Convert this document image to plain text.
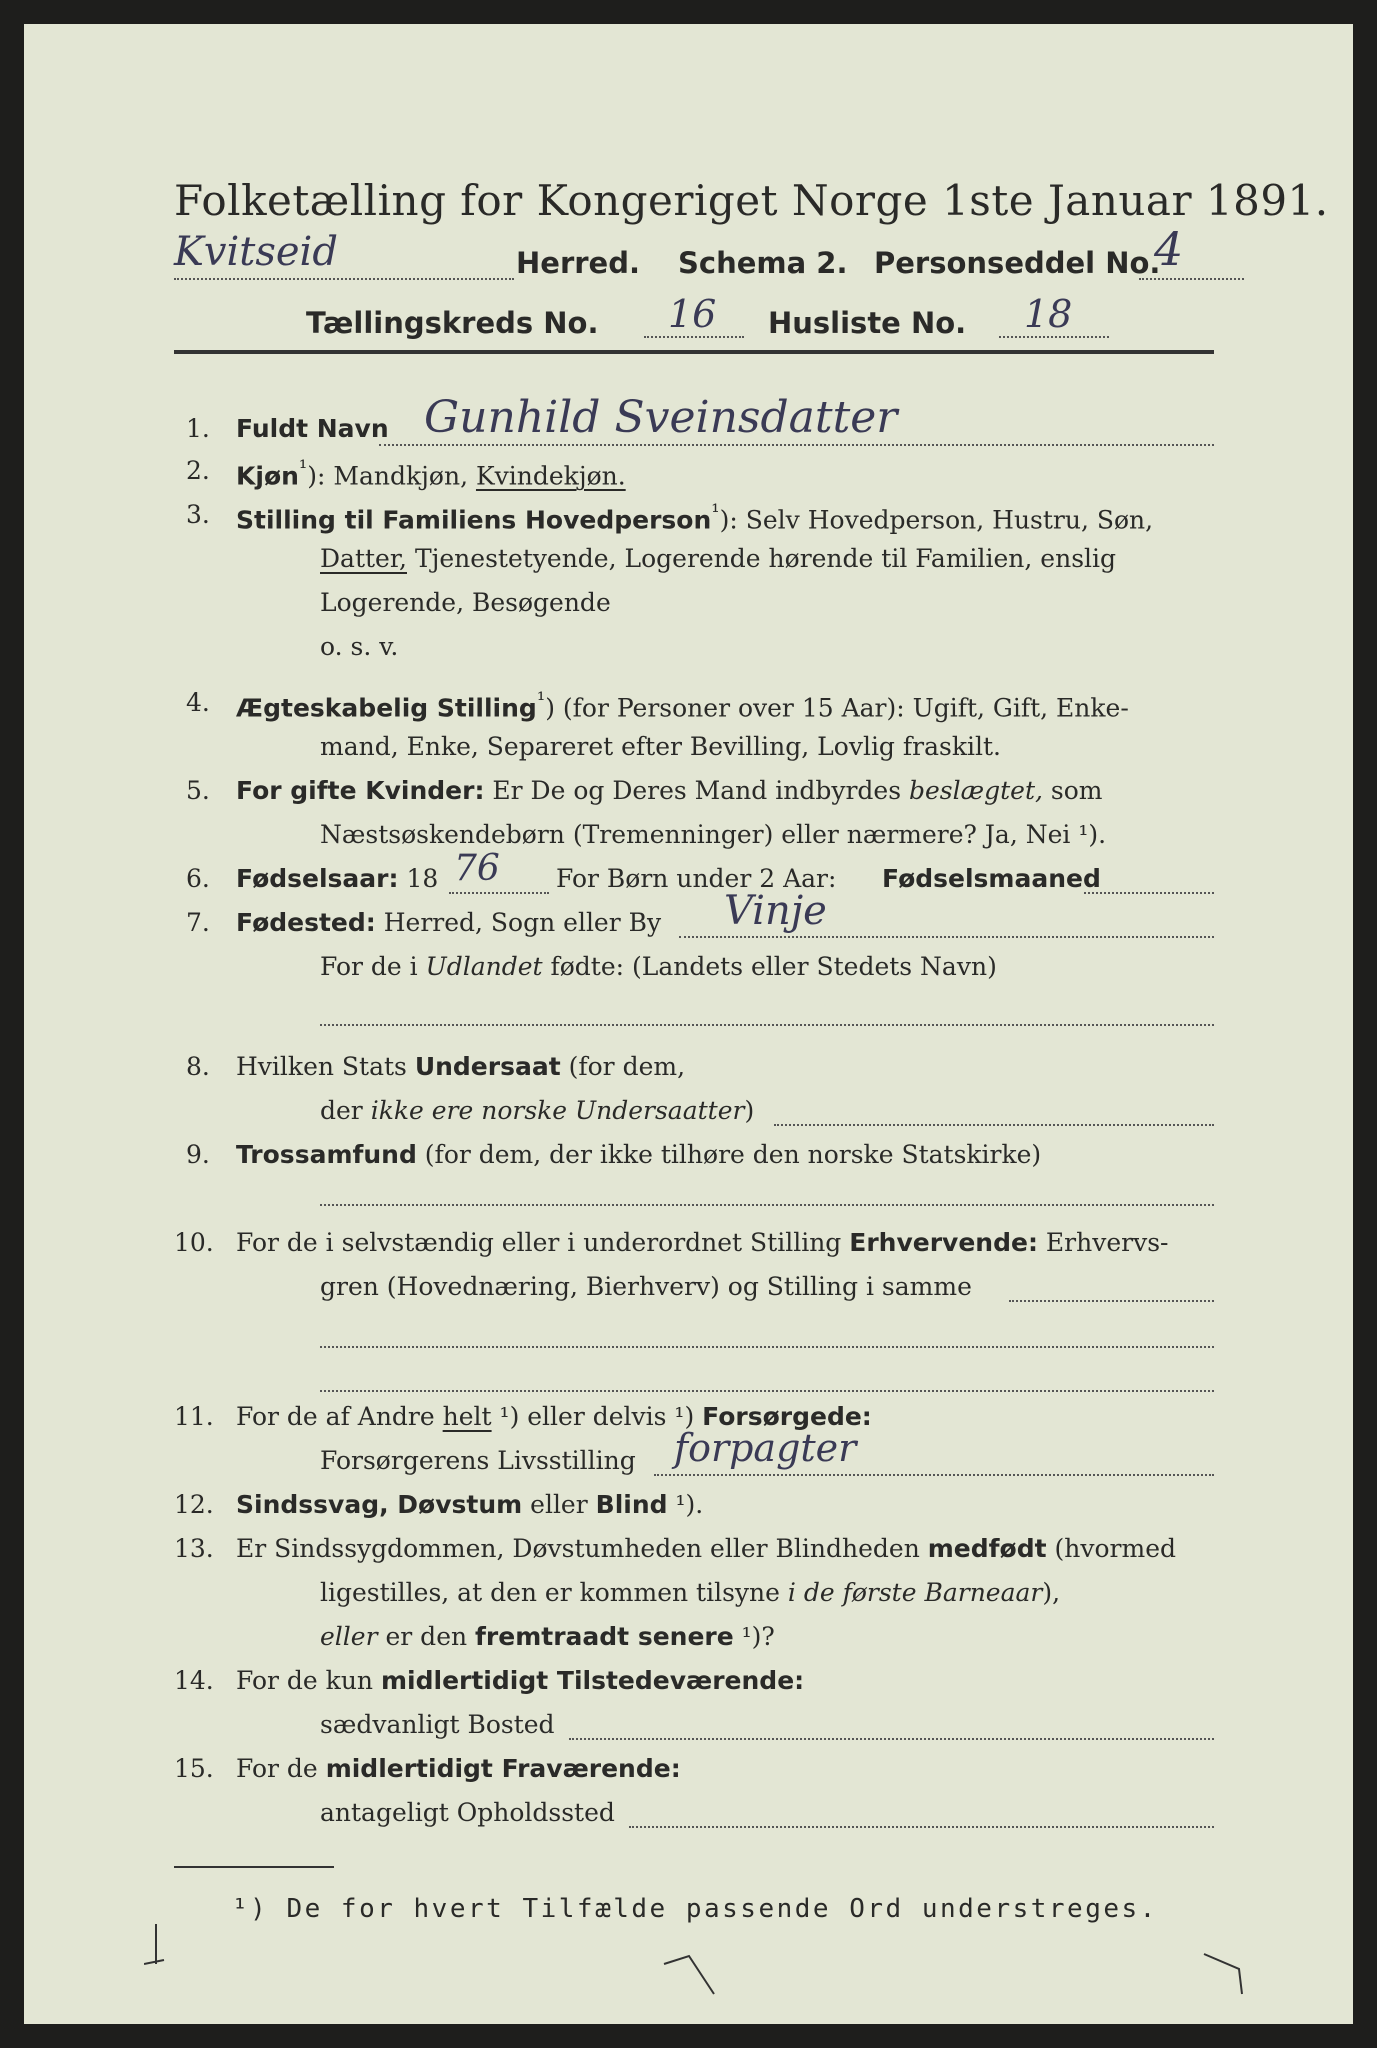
Folketælling for Kongeriget Norge 1ste Januar 1891.
Kvitseid	Herred. Schema 2. Personseddel No.
4
Tællingskreds No. 16 Husliste No. 18
1. Fuldt Navn Gunhild Sveinsdatter
2. Kjøn$^{^1}$): Mandkjøn, Kvindekjøn.
3. Stilling til Familiens Hovedperson$^{^1}$): Selv Hovedperson, Hustru, Søn,
Datter, Tjenestetyende, Logerende hørende til Familien, enslig
Logerende, Besøgende
o. s. v.
4. Ægteskabelig Stilling$^{^1}$) (for Personer over 15 Aar): Ugift, Gift, Enke-
mand, Enke, Separeret efter Bevilling, Lovlig fraskilt.
5. For gifte Kvinder: Er De og Deres Mand indbyrdes beslægtet, som
Næstsøskendebørn (Tremenninger) eller nærmere? Ja, Nei ¹).
6. Fødselsaar: 18 76 For Børn under 2 Aar: Fødselsmaaned
7. Fødested: Herred, Sogn eller By Vinje
For de i Udlandet fødte: (Landets eller Stedets Navn)
8. Hvilken Stats Undersaat (for dem,
der ikke ere norske Undersaatter)
9. Trossamfund (for dem, der ikke tilhøre den norske Statskirke)
10. For de i selvstændig eller i underordnet Stilling Erhvervende: Erhvervs-
gren (Hovednæring, Bierhverv) og Stilling i samme
11. For de af Andre helt ¹) eller delvis ¹) Forsørgede:
Forsørgerens Livsstilling forpagter
12. Sindssvag, Døvstum eller Blind ¹).
13. Er Sindssygdommen, Døvstumheden eller Blindheden medfødt (hvormed
ligestilles, at den er kommen tilsyne i de første Barneaar),
eller er den fremtraadt senere ¹)?
14. For de kun midlertidigt Tilstedeværende:
sædvanligt Bosted
15. For de midlertidigt Fraværende:
antageligt Opholdssted
¹) De for hvert Tilfælde passende Ord understreges.
